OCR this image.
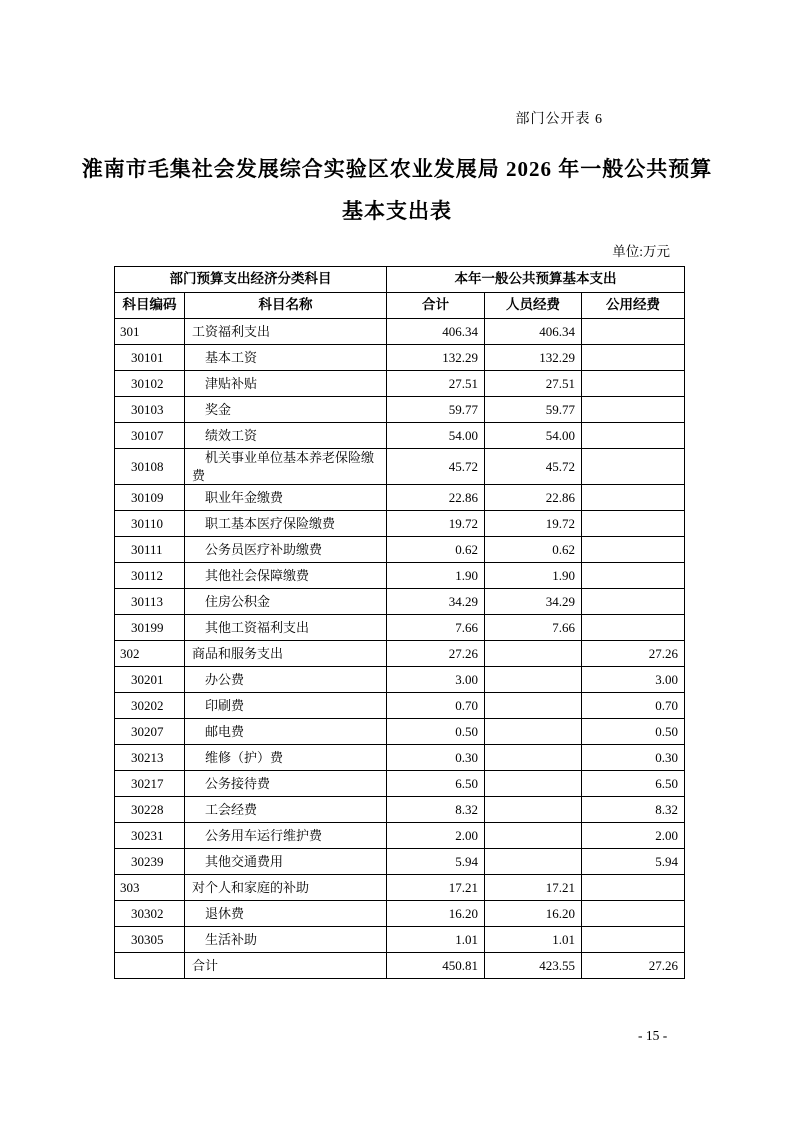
部门公开表 6
淮南市毛集社会发展综合实验区农业发展局 2026 年一般公共预算
基本支出表
单位:万元
部门预算支出经济分类科目		本年一般公共预算基本支出		
科目编码	科目名称	合计	人员经费	公用经费
301	工资福利支出	406.34	406.34	
30101	基本工资	132.29	132.29	
30102	津贴补贴	27.51	27.51	
30103	奖金	59.77	59.77	
30107	绩效工资	54.00	54.00	
30108	机关事业单位基本养老保险缴费	45.72	45.72	
30109	职业年金缴费	22.86	22.86	
30110	职工基本医疗保险缴费	19.72	19.72	
30111	公务员医疗补助缴费	0.62	0.62	
30112	其他社会保障缴费	1.90	1.90	
30113	住房公积金	34.29	34.29	
30199	其他工资福利支出	7.66	7.66	
302	商品和服务支出	27.26		27.26
30201	办公费	3.00		3.00
30202	印刷费	0.70		0.70
30207	邮电费	0.50		0.50
30213	维修（护）费	0.30		0.30
30217	公务接待费	6.50		6.50
30228	工会经费	8.32		8.32
30231	公务用车运行维护费	2.00		2.00
30239	其他交通费用	5.94		5.94
303	对个人和家庭的补助	17.21	17.21	
30302	退休费	16.20	16.20	
30305	生活补助	1.01	1.01	
	合计	450.81	423.55	27.26
- 15 -
